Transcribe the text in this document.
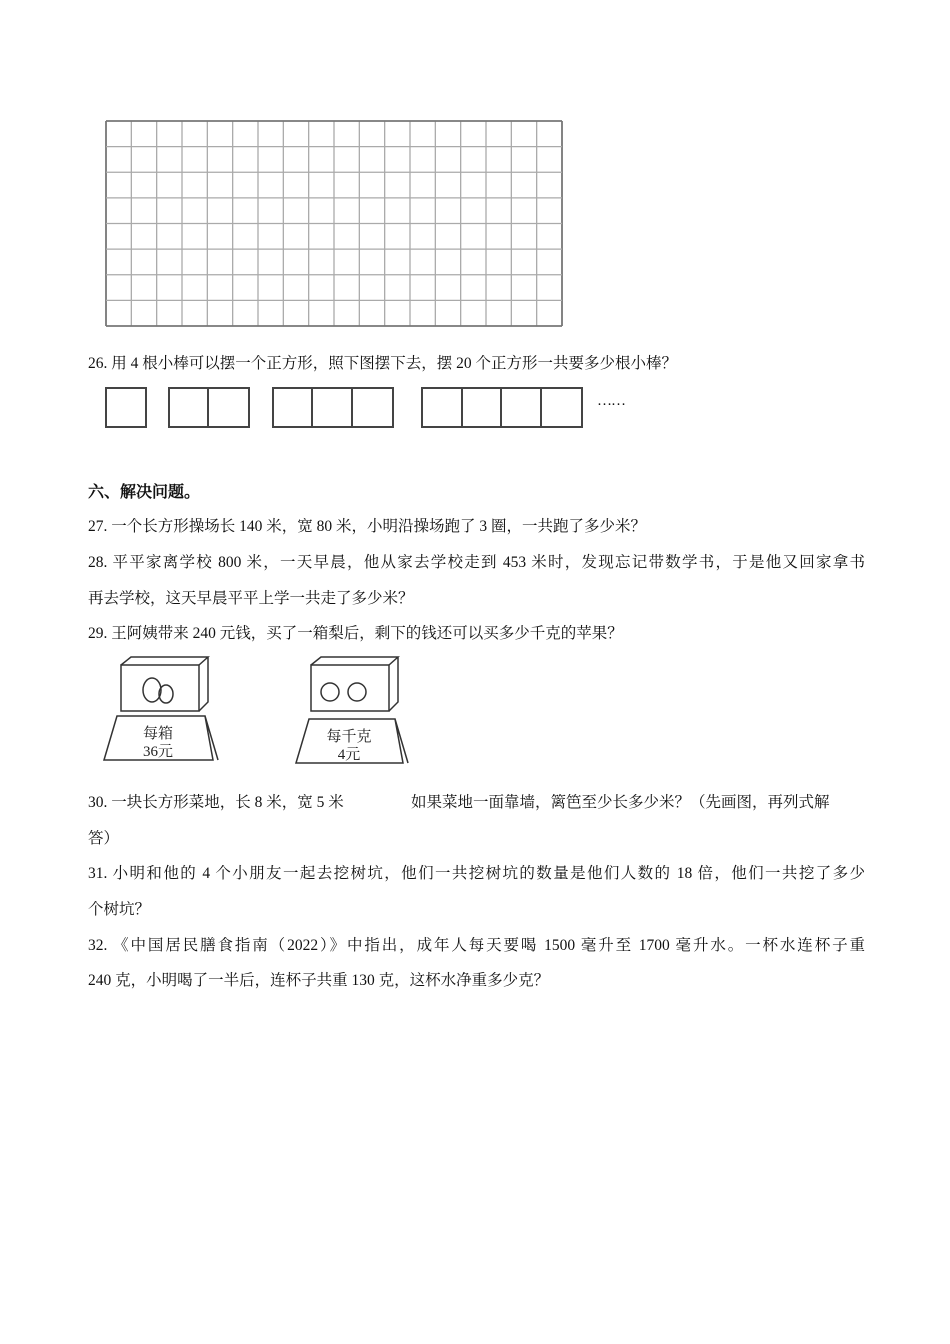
26. 用 4 根小棒可以摆一个正方形，照下图摆下去，摆 20 个正方形一共要多少根小棒？
……
六、解决问题。
27. 一个长方形操场长 140 米，宽 80 米，小明沿操场跑了 3 圈，一共跑了多少米？
28. 平平家离学校 800 米，一天早晨，他从家去学校走到 453 米时，发现忘记带数学书，于是他又回家拿书
再去学校，这天早晨平平上学一共走了多少米？
29. 王阿姨带来 240 元钱，买了一箱梨后，剩下的钱还可以买多少千克的苹果？
每箱
36元
每千克
4元
30. 一块长方形菜地，长 8 米，宽 5 米	如果菜地一面靠墙，篱笆至少长多少米？（先画图，再列式解
答）
31. 小明和他的 4 个小朋友一起去挖树坑，他们一共挖树坑的数量是他们人数的 18 倍，他们一共挖了多少
个树坑？
32. 《中国居民膳食指南（2022）》中指出，成年人每天要喝 1500 毫升至 1700 毫升水。一杯水连杯子重
240 克，小明喝了一半后，连杯子共重 130 克，这杯水净重多少克？
